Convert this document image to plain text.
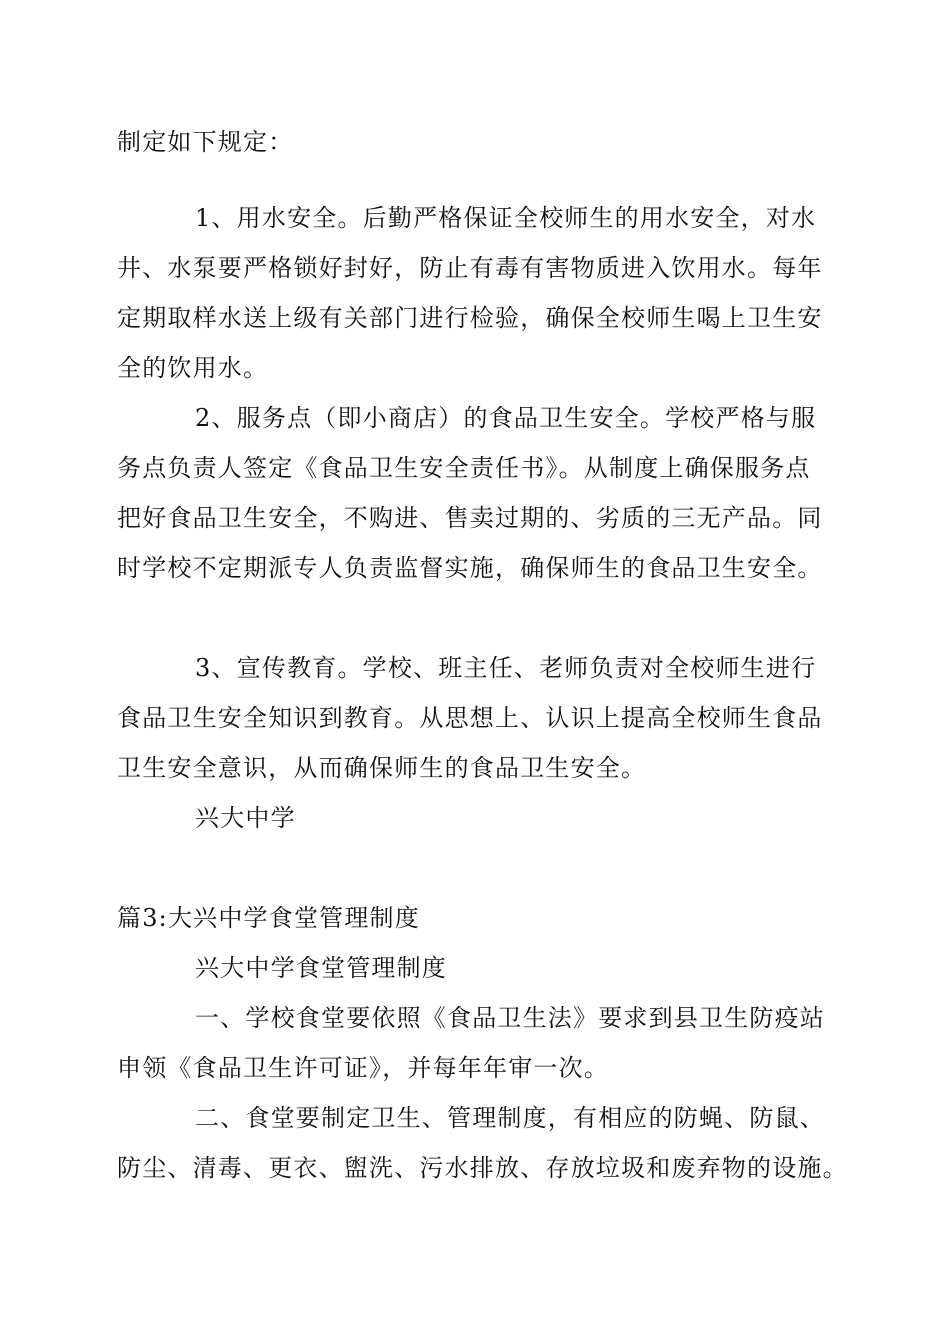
制定如下规定：
1、用水安全。后勤严格保证全校师生的用水安全，对水
井、水泵要严格锁好封好，防止有毒有害物质进入饮用水。每年
定期取样水送上级有关部门进行检验，确保全校师生喝上卫生安
全的饮用水。
2、服务点（即小商店）的食品卫生安全。学校严格与服
务点负责人签定《食品卫生安全责任书》。从制度上确保服务点
把好食品卫生安全，不购进、售卖过期的、劣质的三无产品。同
时学校不定期派专人负责监督实施，确保师生的食品卫生安全。
3、宣传教育。学校、班主任、老师负责对全校师生进行
食品卫生安全知识到教育。从思想上、认识上提高全校师生食品
卫生安全意识，从而确保师生的食品卫生安全。
兴大中学
篇3:大兴中学食堂管理制度
兴大中学食堂管理制度
一、学校食堂要依照《食品卫生法》要求到县卫生防疫站
申领《食品卫生许可证》，并每年年审一次。
二、食堂要制定卫生、管理制度，有相应的防蝇、防鼠、
防尘、清毒、更衣、盥洗、污水排放、存放垃圾和废弃物的设施。
